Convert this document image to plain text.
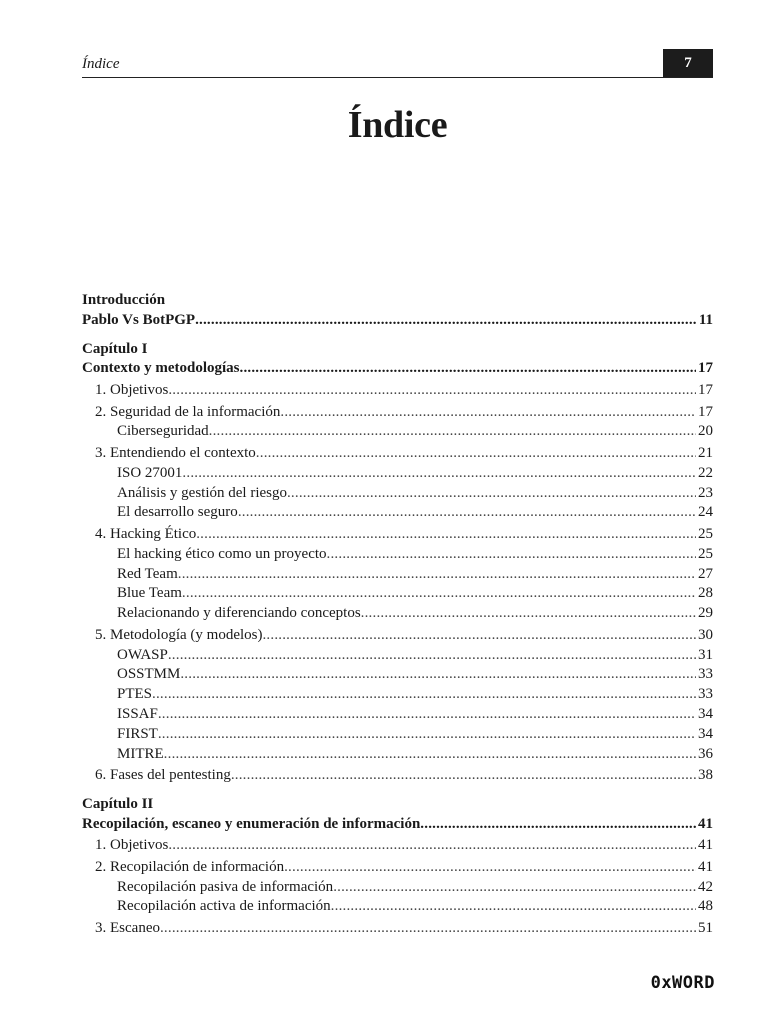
Índice	7
Índice
Introducción
Pablo Vs BotPGP .....	11
Capítulo I
Contexto y metodologías .....	17
1. Objetivos .....	17
2. Seguridad de la información .....	17
Ciberseguridad .....	20
3. Entendiendo el contexto .....	21
ISO 27001 .....	22
Análisis y gestión del riesgo .....	23
El desarrollo seguro .....	24
4. Hacking Ético .....	25
El hacking ético como un proyecto .....	25
Red Team .....	27
Blue Team .....	28
Relacionando y diferenciando conceptos .....	29
5. Metodología (y modelos) .....	30
OWASP .....	31
OSSTMM .....	33
PTES .....	33
ISSAF .....	34
FIRST .....	34
MITRE .....	36
6. Fases del pentesting .....	38
Capítulo II
Recopilación, escaneo y enumeración de información .....	41
1. Objetivos .....	41
2. Recopilación de información .....	41
Recopilación pasiva de información .....	42
Recopilación activa de información .....	48
3. Escaneo .....	51
0xWORD
